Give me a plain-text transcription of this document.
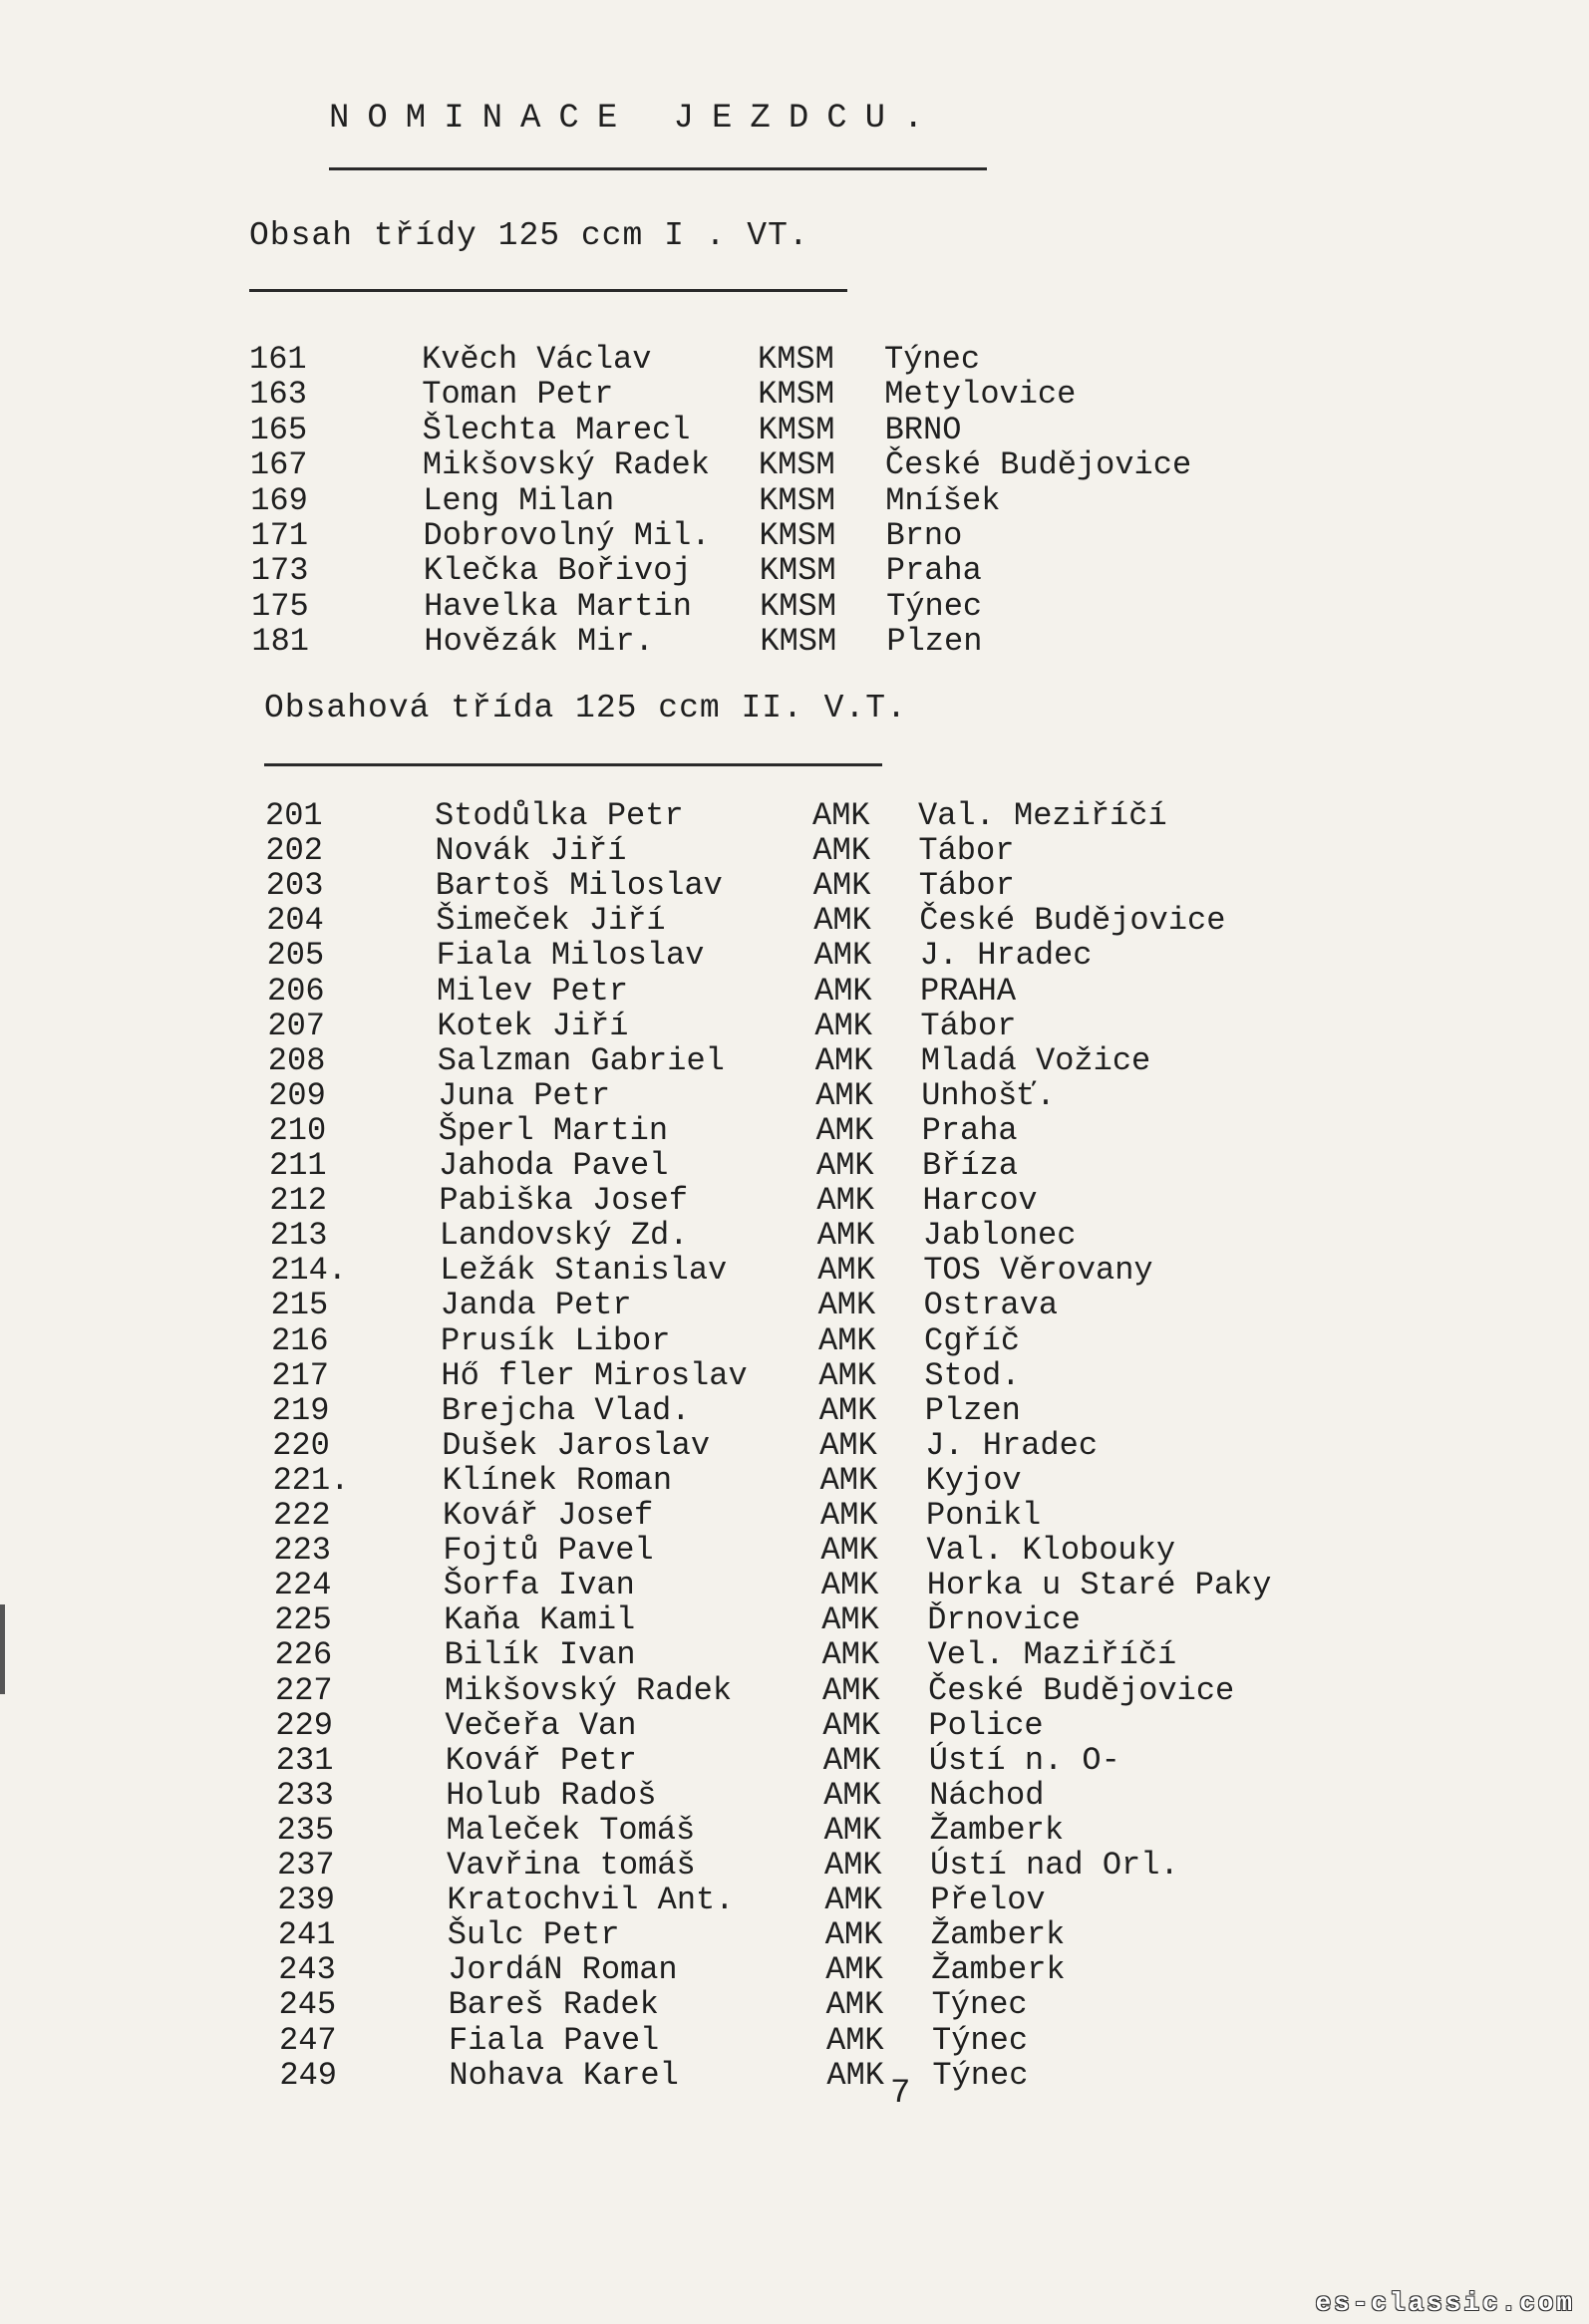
NOMINACE JEZDCU.
Obsah třídy 125 ccm I . VT.
161	Kvěch Václav	KMSM Týnec
163	Toman Petr	KMSM Metylovice
165	Šlechta Marecl KMSM BRNO
167	Mikšovský Radek KMSM České Budějovice
169	Leng Milan	KMSM Mníšek
171	Dobrovolný Mil. KMSM Brno
173	Klečka Bořivoj KMSM Praha
175	Havelka Martin KMSM Týnec
181	Hovězák Mir.	KMSM Plzen
Obsahová třída 125 ccm II. V.T.
201	Stodůlka Petr	AMK Val. Meziříčí
202	Novák Jiří	AMK Tábor
203	Bartoš Miloslav	AMK Tábor
204	Šimeček Jiří	AMK České Budějovice
205	Fiala Miloslav	AMK J. Hradec
206	Milev Petr	AMK PRAHA
207	Kotek Jiří	AMK Tábor
208	Salzman Gabriel	AMK Mladá Vožice
209	Juna Petr	AMK Unhošť.
210	Šperl Martin	AMK Praha
211	Jahoda Pavel	AMK Bříza
212	Pabiška Josef	AMK Harcov
213	Landovský Zd.	AMK Jablonec
214.	Ležák Stanislav	AMK TOS Věrovany
215	Janda Petr	AMK Ostrava
216	Prusík Libor	AMK Cgříč
217	Hő fler Miroslav AMK Stod.
219	Brejcha Vlad.	AMK Plzen
220	Dušek Jaroslav	AMK J. Hradec
221.	Klínek Roman	AMK Kyjov
222	Kovář Josef	AMK Ponikl
223	Fojtů Pavel	AMK Val. Klobouky
224	Šorfa Ivan	AMK Horka u Staré Paky
225	Kaňa Kamil	AMK Ďrnovice
226	Bilík Ivan	AMK Vel. Maziříčí
227	Mikšovský Radek	AMK České Budějovice
229	Večeřa Van	AMK Police
231	Kovář Petr	AMK Ústí n. O-
233	Holub Radoš	AMK Náchod
235	Maleček Tomáš	AMK Žamberk
237	Vavřina tomáš	AMK Ústí nad Orl.
239	Kratochvil Ant.	AMK Přelov
241	Šulc Petr	AMK Žamberk
243	JordáN Roman	AMK Žamberk
245	Bareš Radek	AMK Týnec
247	Fiala Pavel	AMK Týnec
249	Nohava Karel	AMK Týnec
7
es-classic.com
